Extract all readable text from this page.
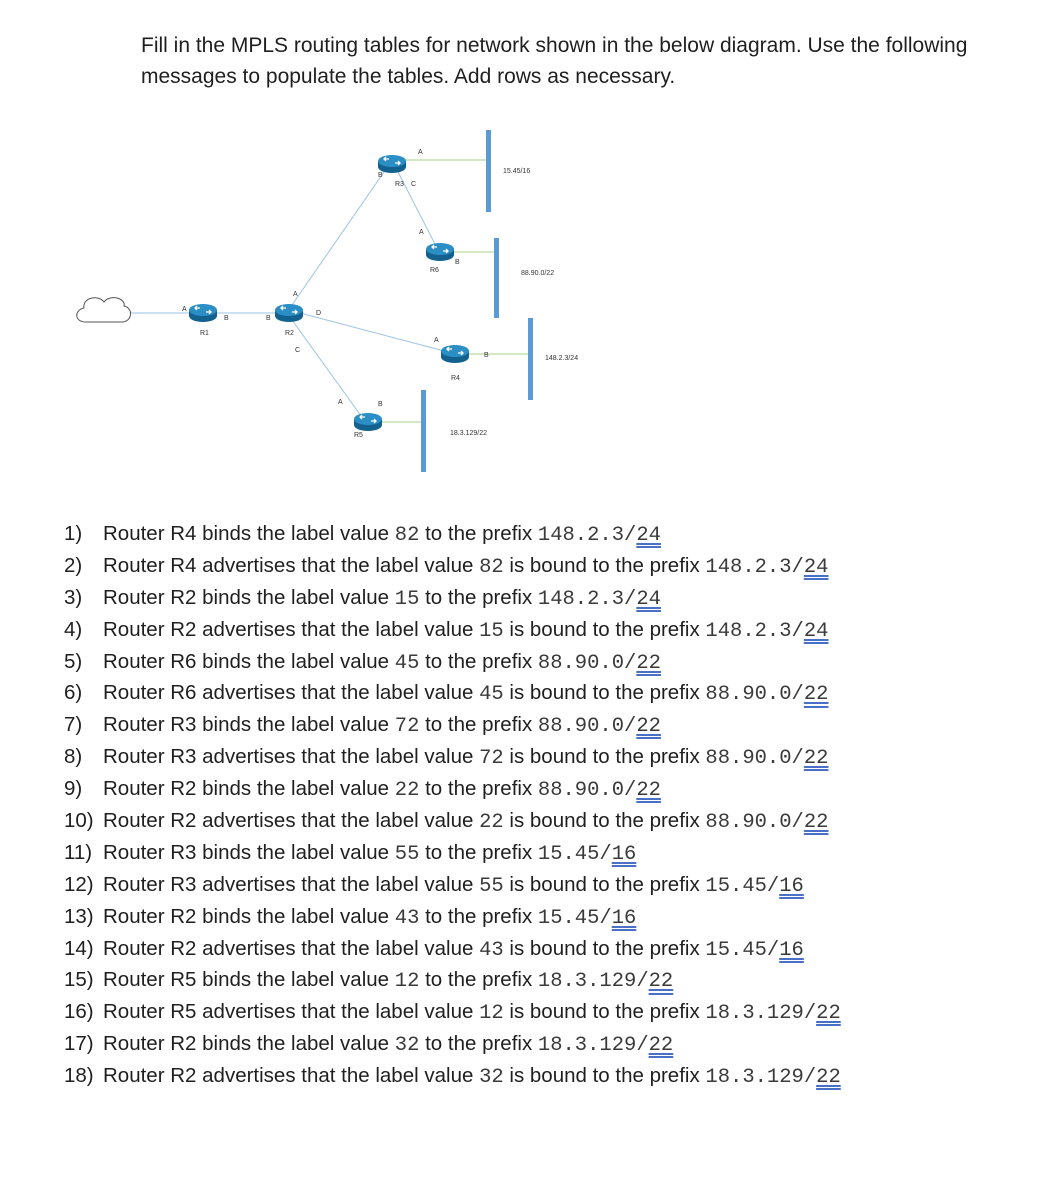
Fill in the MPLS routing tables for network shown in the below diagram. Use the following messages to populate the tables. Add rows as necessary.

R1	R2
R3
R6
R4
R5
A
B
A
B
C
D
A
B
C
A
B
A
B
A	B
15.45/16
88.90.0/22
148.2.3/24
18.3.129/22
1) Router R4 binds the label value 82 to the prefix 148.2.3/24
2) Router R4 advertises that the label value 82 is bound to the prefix 148.2.3/24
3) Router R2 binds the label value 15 to the prefix 148.2.3/24
4) Router R2 advertises that the label value 15 is bound to the prefix 148.2.3/24
5) Router R6 binds the label value 45 to the prefix 88.90.0/22
6) Router R6 advertises that the label value 45 is bound to the prefix 88.90.0/22
7) Router R3 binds the label value 72 to the prefix 88.90.0/22
8) Router R3 advertises that the label value 72 is bound to the prefix 88.90.0/22
9) Router R2 binds the label value 22 to the prefix 88.90.0/22
10) Router R2 advertises that the label value 22 is bound to the prefix 88.90.0/22
11) Router R3 binds the label value 55 to the prefix 15.45/16
12) Router R3 advertises that the label value 55 is bound to the prefix 15.45/16
13) Router R2 binds the label value 43 to the prefix 15.45/16
14) Router R2 advertises that the label value 43 is bound to the prefix 15.45/16
15) Router R5 binds the label value 12 to the prefix 18.3.129/22
16) Router R5 advertises that the label value 12 is bound to the prefix 18.3.129/22
17) Router R2 binds the label value 32 to the prefix 18.3.129/22
18) Router R2 advertises that the label value 32 is bound to the prefix 18.3.129/22
